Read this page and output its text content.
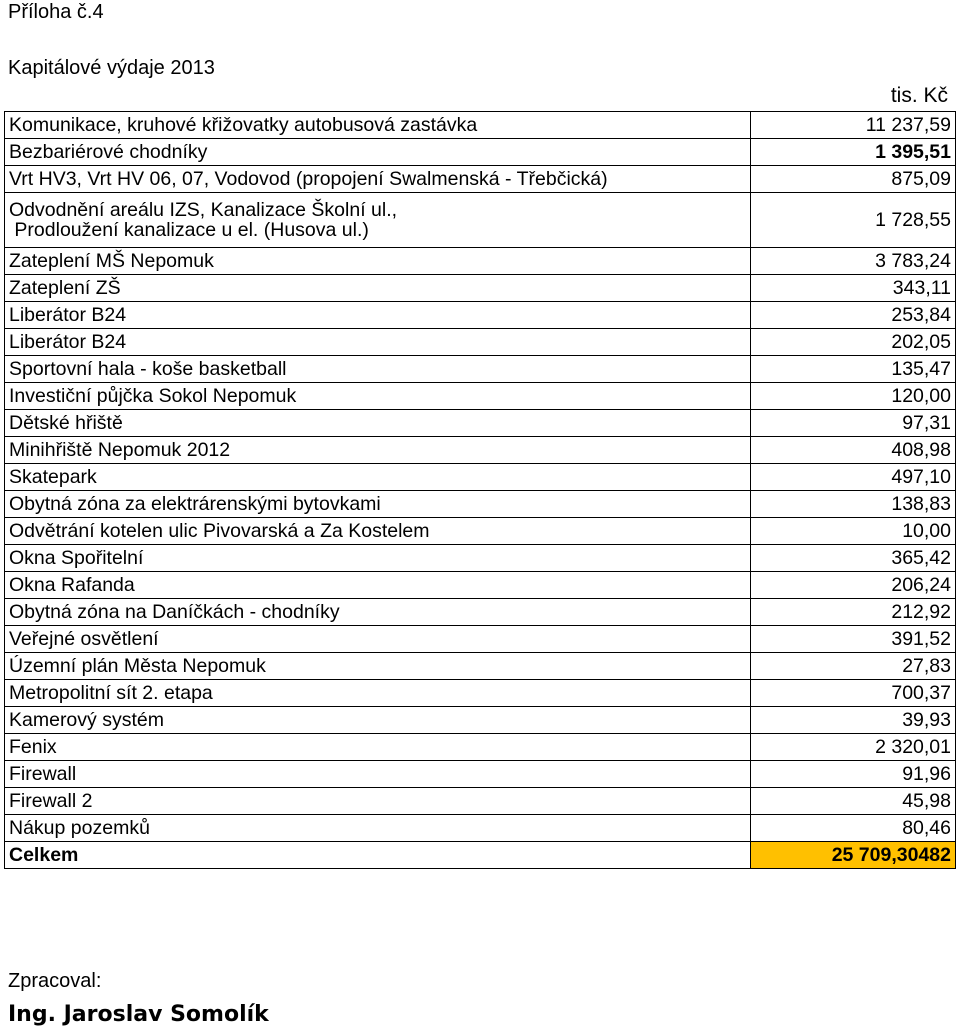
Příloha č.4
Kapitálové výdaje 2013
tis. Kč
Komunikace, kruhové křižovatky autobusová zastávka	11 237,59
Bezbariérové chodníky	1 395,51
Vrt HV3, Vrt HV 06, 07, Vodovod (propojení Swalmenská - Třebčická)	875,09
Odvodnění areálu IZS, Kanalizace Školní ul.,
Prodloužení kanalizace u el. (Husova ul.)	1 728,55
Zateplení MŠ Nepomuk	3 783,24
Zateplení ZŠ	343,11
Liberátor B24	253,84
Liberátor B24	202,05
Sportovní hala - koše basketball	135,47
Investiční půjčka Sokol Nepomuk	120,00
Dětské hřiště	97,31
Minihřiště Nepomuk 2012	408,98
Skatepark	497,10
Obytná zóna za elektrárenskými bytovkami	138,83
Odvětrání kotelen ulic Pivovarská a Za Kostelem	10,00
Okna Spořitelní	365,42
Okna Rafanda	206,24
Obytná zóna na Daníčkách - chodníky	212,92
Veřejné osvětlení	391,52
Územní plán Města Nepomuk	27,83
Metropolitní sít 2. etapa	700,37
Kamerový systém	39,93
Fenix	2 320,01
Firewall	91,96
Firewall 2	45,98
Nákup pozemků	80,46
Celkem	25 709,30482
Zpracoval:
Ing. Jaroslav Somolík
